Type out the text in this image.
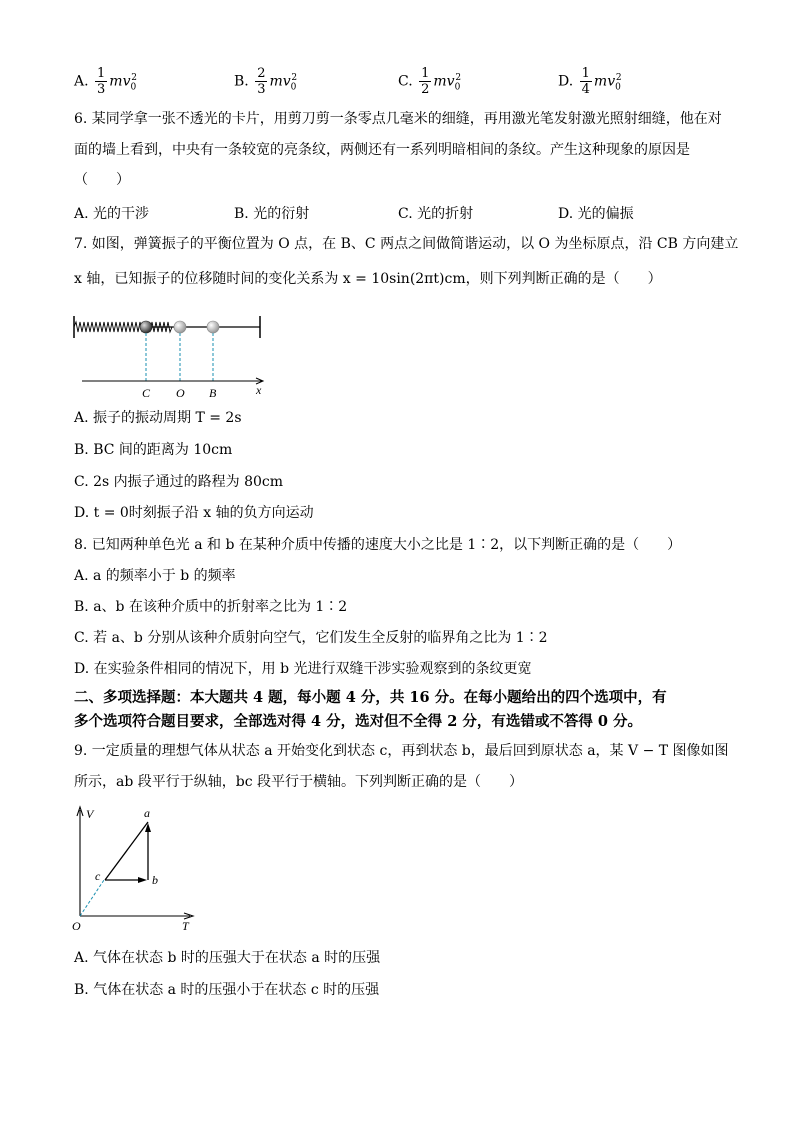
A. $\frac{1}{3} mv_0^2$	B. $\frac{2}{3} mv_0^2$	C. $\frac{1}{2} mv_0^2$	D. $\frac{1}{4} mv_0^2$
6. 某同学拿一张不透光的卡片，用剪刀剪一条零点几毫米的细缝，再用激光笔发射激光照射细缝，他在对
面的墙上看到，中央有一条较宽的亮条纹，两侧还有一系列明暗相间的条纹。产生这种现象的原因是
（　　）
A. 光的干涉	B. 光的衍射	C. 光的折射	D. 光的偏振
7. 如图，弹簧振子的平衡位置为 O 点，在 B、C 两点之间做简谐运动，以 O 为坐标原点，沿 CB 方向建立
x 轴，已知振子的位移随时间的变化关系为 x = 10sin(2πt)cm，则下列判断正确的是（　　）
C O B	x
A. 振子的振动周期 T = 2s
B. BC 间的距离为 10cm
C. 2s 内振子通过的路程为 80cm
D. t = 0时刻振子沿 x 轴的负方向运动
8. 已知两种单色光 a 和 b 在某种介质中传播的速度大小之比是 1∶2，以下判断正确的是（　　）
A. a 的频率小于 b 的频率
B. a、b 在该种介质中的折射率之比为 1∶2
C. 若 a、b 分别从该种介质射向空气，它们发生全反射的临界角之比为 1∶2
D. 在实验条件相同的情况下，用 b 光进行双缝干涉实验观察到的条纹更宽
二、多项选择题：本大题共 4 题，每小题 4 分，共 16 分。在每小题给出的四个选项中，有
多个选项符合题目要求，全部选对得 4 分，选对但不全得 2 分，有选错或不答得 0 分。
9. 一定质量的理想气体从状态 a 开始变化到状态 c，再到状态 b，最后回到原状态 a，某 V − T 图像如图
所示，ab 段平行于纵轴，bc 段平行于横轴。下列判断正确的是（　　）
V
T
O
a
b
c
A. 气体在状态 b 时的压强大于在状态 a 时的压强
B. 气体在状态 a 时的压强小于在状态 c 时的压强
